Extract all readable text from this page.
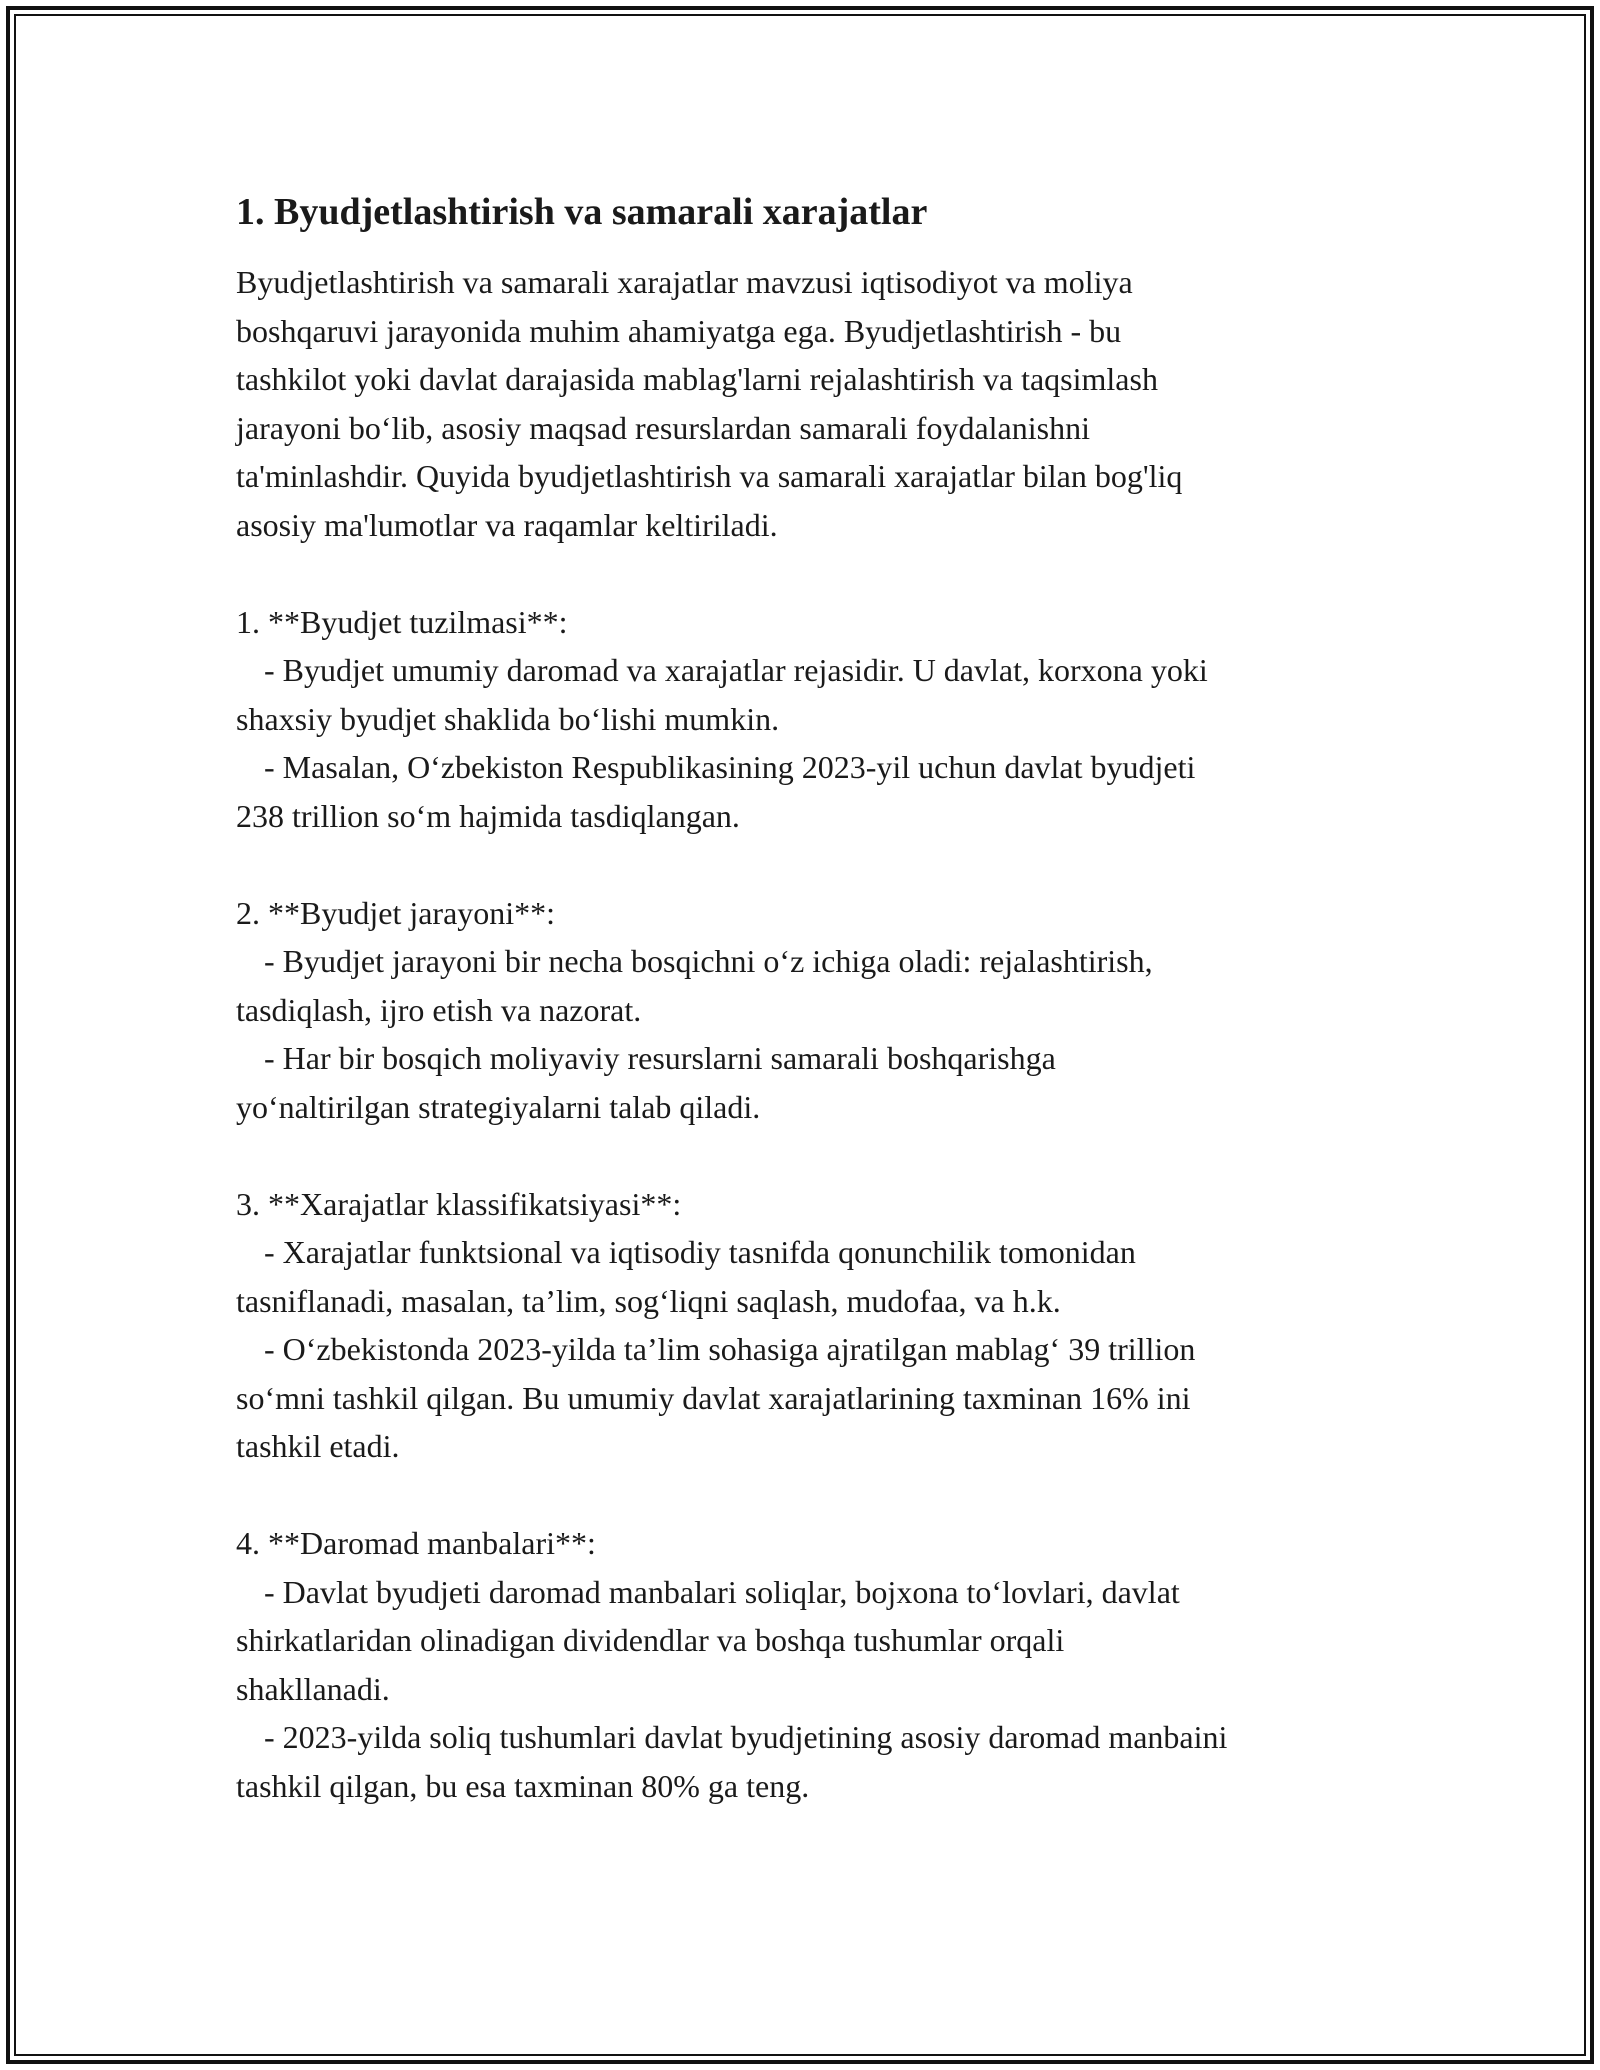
1. Byudjetlashtirish va samarali xarajatlar

Byudjetlashtirish va samarali xarajatlar mavzusi iqtisodiyot va moliya
boshqaruvi jarayonida muhim ahamiyatga ega. Byudjetlashtirish - bu
tashkilot yoki davlat darajasida mablag'larni rejalashtirish va taqsimlash
jarayoni bo‘lib, asosiy maqsad resurslardan samarali foydalanishni
ta'minlashdir. Quyida byudjetlashtirish va samarali xarajatlar bilan bog'liq
asosiy ma'lumotlar va raqamlar keltiriladi.

1. **Byudjet tuzilmasi**:

- Byudjet umumiy daromad va xarajatlar rejasidir. U davlat, korxona yoki
shaxsiy byudjet shaklida bo‘lishi mumkin.

- Masalan, O‘zbekiston Respublikasining 2023-yil uchun davlat byudjeti
238 trillion so‘m hajmida tasdiqlangan.

2. **Byudjet jarayoni**:

- Byudjet jarayoni bir necha bosqichni o‘z ichiga oladi: rejalashtirish,
tasdiqlash, ijro etish va nazorat.

- Har bir bosqich moliyaviy resurslarni samarali boshqarishga
yo‘naltirilgan strategiyalarni talab qiladi.

3. **Xarajatlar klassifikatsiyasi**:

- Xarajatlar funktsional va iqtisodiy tasnifda qonunchilik tomonidan
tasniflanadi, masalan, ta’lim, sog‘liqni saqlash, mudofaa, va h.k.

- O‘zbekistonda 2023-yilda ta’lim sohasiga ajratilgan mablag‘ 39 trillion
so‘mni tashkil qilgan. Bu umumiy davlat xarajatlarining taxminan 16% ini
tashkil etadi.

4. **Daromad manbalari**:

- Davlat byudjeti daromad manbalari soliqlar, bojxona to‘lovlari, davlat
shirkatlaridan olinadigan dividendlar va boshqa tushumlar orqali
shakllanadi.

- 2023-yilda soliq tushumlari davlat byudjetining asosiy daromad manbaini
tashkil qilgan, bu esa taxminan 80% ga teng.
